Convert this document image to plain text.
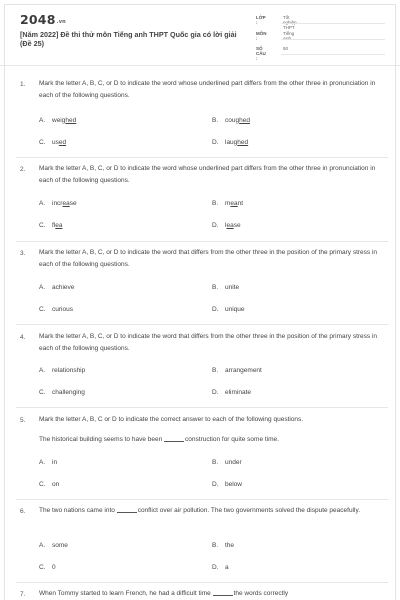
2048.vn
[Năm 2022] Đề thi thử môn Tiếng anh THPT Quốc gia có lời giải (Đề 25)
LỚP :
Tốt THPT
MÔN :
Tiếng
SỐ CÂU :
50
1. Mark the letter A, B, C, or D to indicate the word whose underlined part differs from the other three in pronunciation in each of the following questions.
A. weighed	B. coughed
C. used	D. laughed
2. Mark the letter A, B, C, or D to indicate the word whose underlined part differs from the other three in pronunciation in each of the following questions.
A. increase	B. meant
C. flea	D. lease
3. Mark the letter A, B, C, or D to indicate the word that differs from the other three in the position of the primary stress in each of the following questions.
A. achieve	B. unite
C. curious	D. unique
4. Mark the letter A, B, C, or D to indicate the word that differs from the other three in the position of the primary stress in each of the following questions.
A. relationship	B. arrangement
C. challenging	D. eliminate
5. Mark the letter A, B, C or D to indicate the correct answer to each of the following questions.
The historical building seems to have been	construction for quite some time.
A. in	B. under
C. on	D. below
6. The two nations came into	conflict over air pollution. The two governments solved the dispute peacefully.
A. some	B. the
C. 0	D. a
7. When Tommy started to learn French, he had a difficult time	the words correctly
